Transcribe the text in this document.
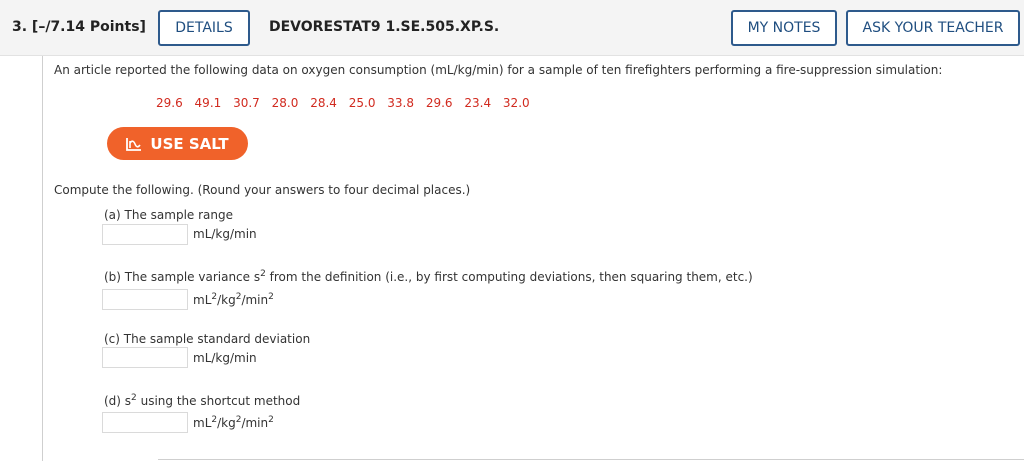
3. [–/7.14 Points]	DETAILS	DEVORESTAT9 1.SE.505.XP.S.	MY NOTES	ASK YOUR TEACHER
An article reported the following data on oxygen consumption (mL/kg/min) for a sample of ten firefighters performing a fire-suppression simulation:
29.6 49.1 30.7 28.0 28.4 25.0 33.8 29.6 23.4 32.0
USE SALT
Compute the following. (Round your answers to four decimal places.)
(a) The sample range
mL/kg/min
(b) The sample variance $s^2$ from the definition (i.e., by first computing deviations, then squaring them, etc.)
$mL^2/kg^2/\min^2$
(c) The sample standard deviation
mL/kg/min
(d) $s^2$ using the shortcut method
$mL^2/kg^2/\min^2$
